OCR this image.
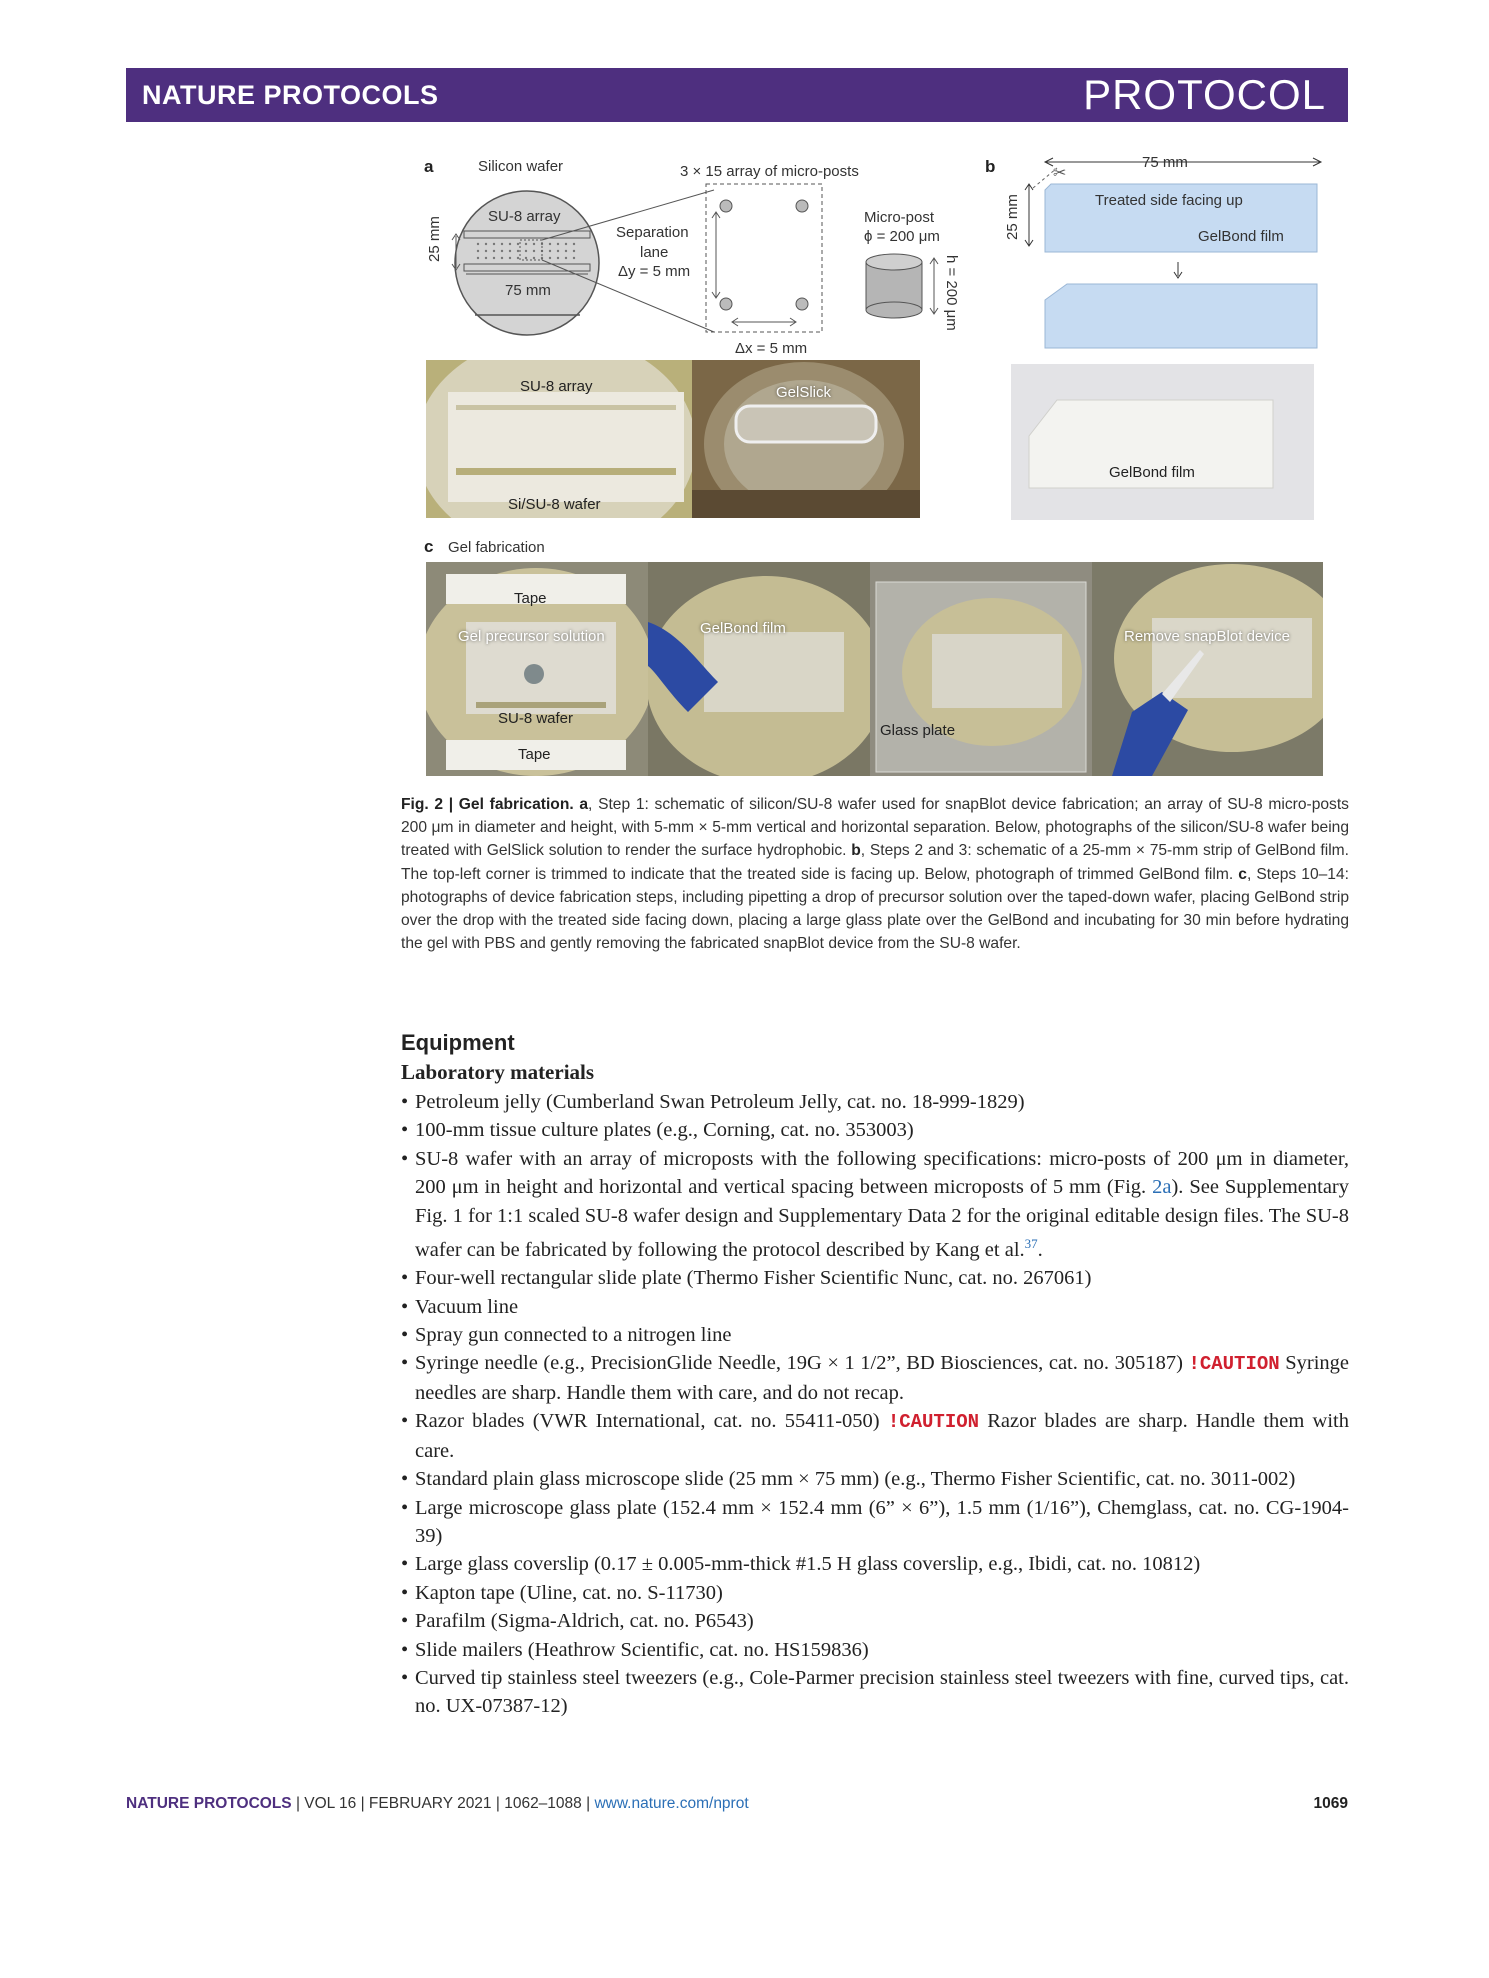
NATURE PROTOCOLS	PROTOCOL
a	Silicon wafer
SU-8 array
25 mm
75 mm
Separation
lane
Δy = 5 mm
3 × 15 array of micro-posts
Δx = 5 mm
Micro-post
ϕ = 200 μm
h = 200 μm
b	✂
75 mm
25 mm	Treated side facing up
GelBond film
SU-8 array
Si/SU-8 wafer
GelSlick
GelBond film
c Gel fabrication
Tape
Gel precursor solution
SU-8 wafer
Tape
GelBond film
Glass plate
Remove snapBlot device
Fig. 2 | Gel fabrication. a, Step 1: schematic of silicon/SU-8 wafer used for snapBlot device fabrication; an array of SU-8 micro-posts 200 μm in diameter and height, with 5-mm × 5-mm vertical and horizontal separation. Below, photographs of the silicon/SU-8 wafer being treated with GelSlick solution to render the surface hydrophobic. b, Steps 2 and 3: schematic of a 25-mm × 75-mm strip of GelBond film. The top-left corner is trimmed to indicate that the treated side is facing up. Below, photograph of trimmed GelBond film. c, Steps 10–14: photographs of device fabrication steps, including pipetting a drop of precursor solution over the taped-down wafer, placing GelBond strip over the drop with the treated side facing down, placing a large glass plate over the GelBond and incubating for 30 min before hydrating the gel with PBS and gently removing the fabricated snapBlot device from the SU-8 wafer.
Equipment
Laboratory materials
• Petroleum jelly (Cumberland Swan Petroleum Jelly, cat. no. 18-999-1829)
• 100-mm tissue culture plates (e.g., Corning, cat. no. 353003)
• SU-8 wafer with an array of microposts with the following specifications: micro-posts of 200 μm in diameter, 200 μm in height and horizontal and vertical spacing between microposts of 5 mm (Fig. 2a). See Supplementary Fig. 1 for 1:1 scaled SU-8 wafer design and Supplementary Data 2 for the original editable design files. The SU-8 wafer can be fabricated by following the protocol described by Kang et al.$^{37}$.
• Four-well rectangular slide plate (Thermo Fisher Scientific Nunc, cat. no. 267061)
• Vacuum line
• Spray gun connected to a nitrogen line
• Syringe needle (e.g., PrecisionGlide Needle, 19G × 1 1/2”, BD Biosciences, cat. no. 305187) !CAUTION Syringe needles are sharp. Handle them with care, and do not recap.
• Razor blades (VWR International, cat. no. 55411-050) !CAUTION Razor blades are sharp. Handle them with care.
• Standard plain glass microscope slide (25 mm × 75 mm) (e.g., Thermo Fisher Scientific, cat. no. 3011-002)
• Large microscope glass plate (152.4 mm × 152.4 mm (6” × 6”), 1.5 mm (1/16”), Chemglass, cat. no. CG-1904-39)
• Large glass coverslip (0.17 ± 0.005-mm-thick #1.5 H glass coverslip, e.g., Ibidi, cat. no. 10812)
• Kapton tape (Uline, cat. no. S-11730)
• Parafilm (Sigma-Aldrich, cat. no. P6543)
• Slide mailers (Heathrow Scientific, cat. no. HS159836)
• Curved tip stainless steel tweezers (e.g., Cole-Parmer precision stainless steel tweezers with fine, curved tips, cat. no. UX-07387-12)
NATURE PROTOCOLS | VOL 16 | FEBRUARY 2021 | 1062–1088 | www.nature.com/nprot	1069
